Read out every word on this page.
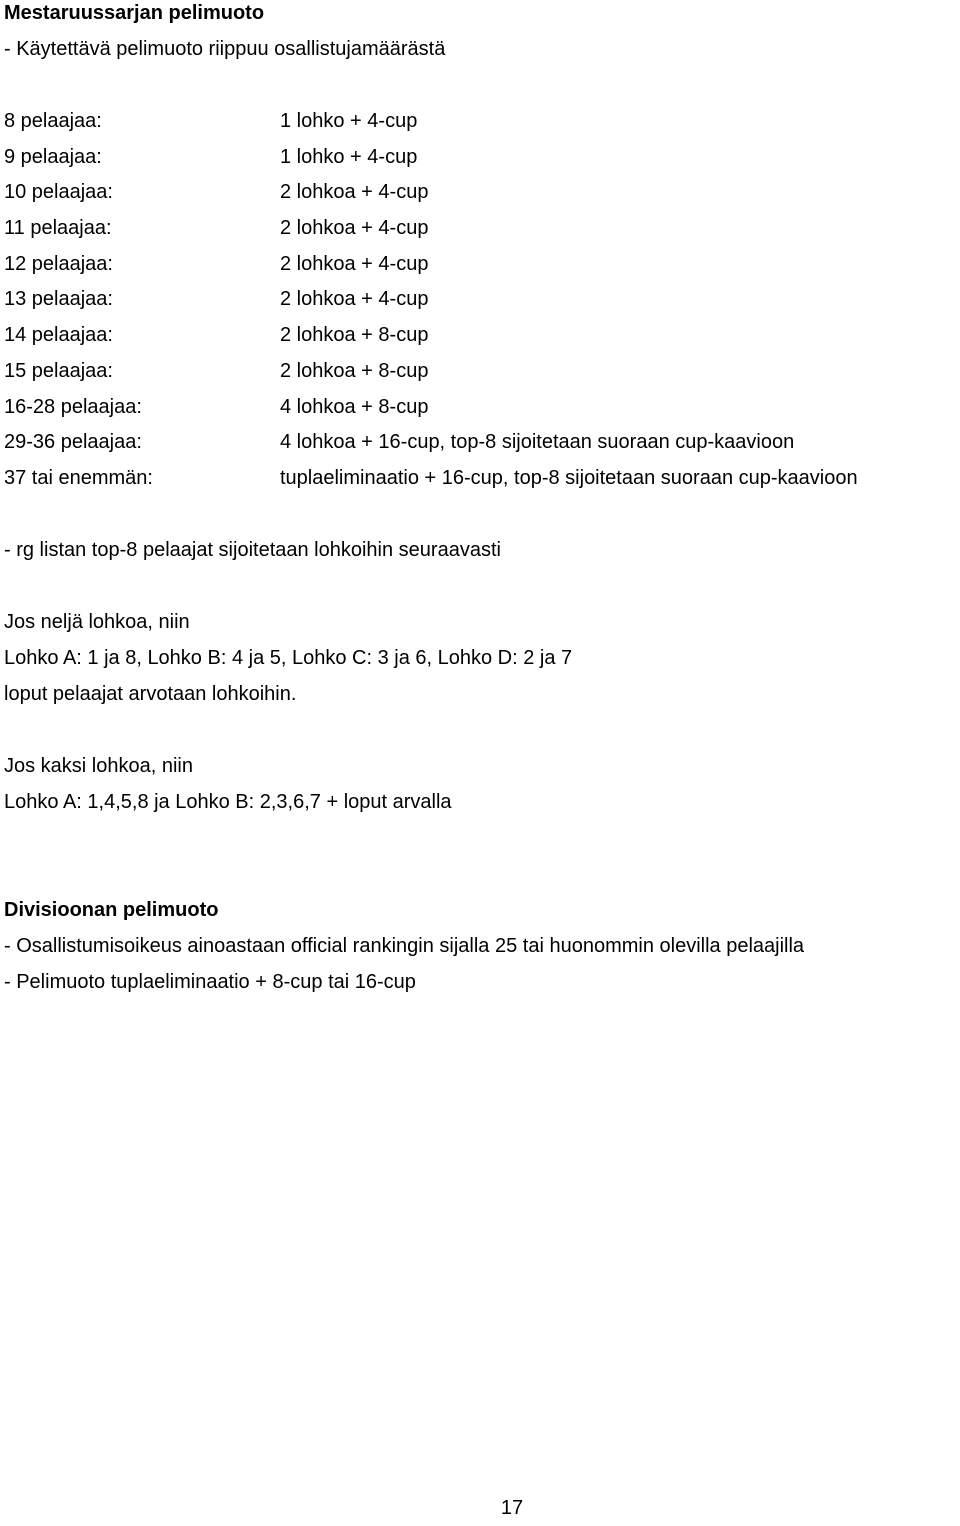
Mestaruussarjan pelimuoto
- Käytettävä pelimuoto riippuu osallistujamäärästä
8 pelaajaa:	1 lohko + 4-cup
9 pelaajaa:	1 lohko + 4-cup
10 pelaajaa:	2 lohkoa + 4-cup
11 pelaajaa:	2 lohkoa + 4-cup
12 pelaajaa:	2 lohkoa + 4-cup
13 pelaajaa:	2 lohkoa + 4-cup
14 pelaajaa:	2 lohkoa + 8-cup
15 pelaajaa:	2 lohkoa + 8-cup
16-28 pelaajaa:	4 lohkoa + 8-cup
29-36 pelaajaa:	4 lohkoa + 16-cup, top-8 sijoitetaan suoraan cup-kaavioon
37 tai enemmän:	tuplaeliminaatio + 16-cup, top-8 sijoitetaan suoraan cup-kaavioon
- rg listan top-8 pelaajat sijoitetaan lohkoihin seuraavasti
Jos neljä lohkoa, niin
Lohko A: 1 ja 8, Lohko B: 4 ja 5, Lohko C: 3 ja 6, Lohko D: 2 ja 7
loput pelaajat arvotaan lohkoihin.
Jos kaksi lohkoa, niin
Lohko A: 1,4,5,8 ja Lohko B: 2,3,6,7 + loput arvalla
Divisioonan pelimuoto
- Osallistumisoikeus ainoastaan official rankingin sijalla 25 tai huonommin olevilla pelaajilla
- Pelimuoto tuplaeliminaatio + 8-cup tai 16-cup
17
